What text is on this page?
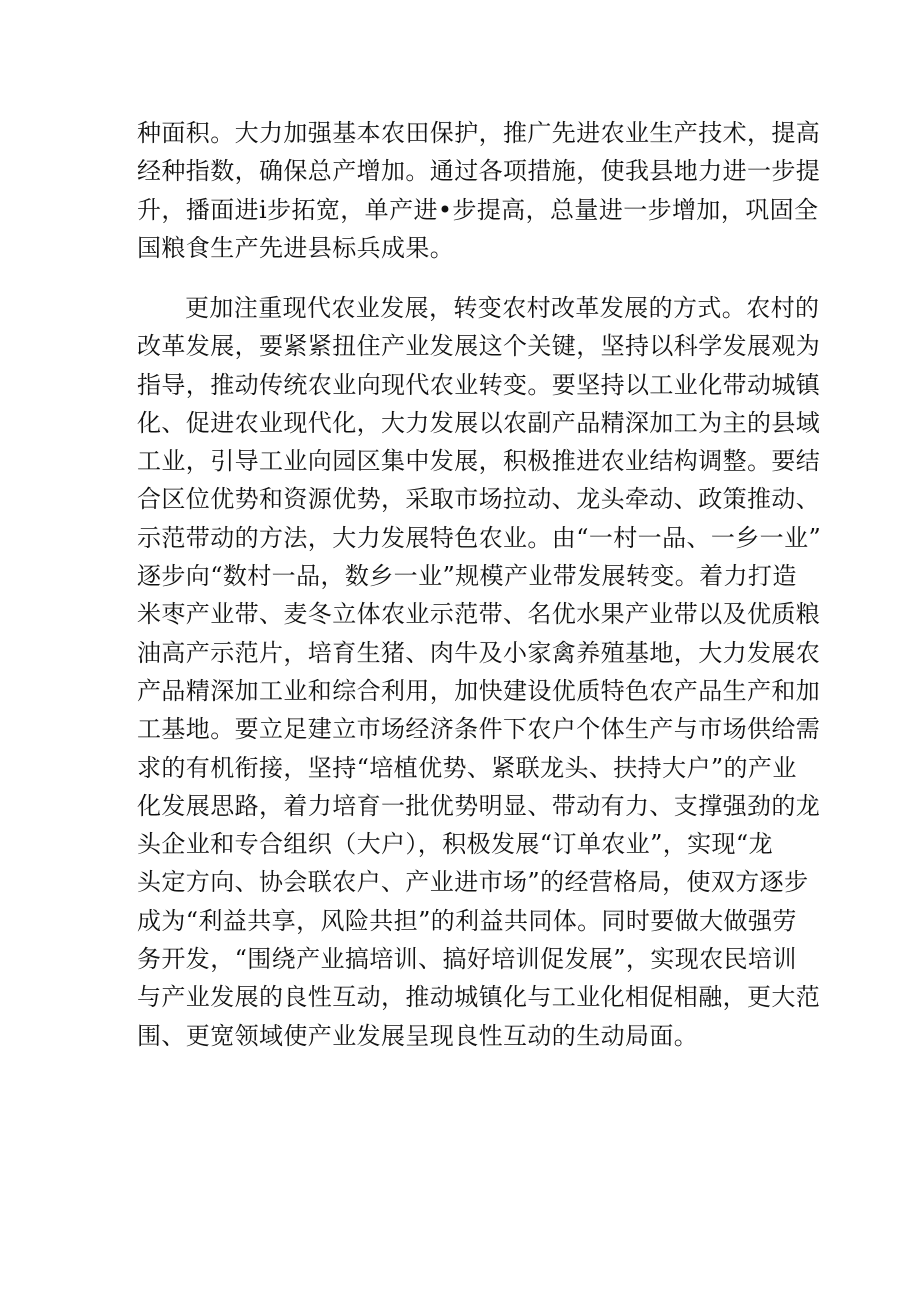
种面积。大力加强基本农田保护，推广先进农业生产技术，提高
经种指数，确保总产增加。通过各项措施，使我县地力进一步提
升，播面进i步拓宽，单产进•步提高，总量进一步增加，巩固全
国粮食生产先进县标兵成果。
更加注重现代农业发展，转变农村改革发展的方式。农村的
改革发展，要紧紧扭住产业发展这个关键，坚持以科学发展观为
指导，推动传统农业向现代农业转变。要坚持以工业化带动城镇
化、促进农业现代化，大力发展以农副产品精深加工为主的县域
工业，引导工业向园区集中发展，积极推进农业结构调整。要结
合区位优势和资源优势，采取市场拉动、龙头牵动、政策推动、
示范带动的方法，大力发展特色农业。由“一村一品、一乡一业”
逐步向“数村一品，数乡一业”规模产业带发展转变。着力打造
米枣产业带、麦冬立体农业示范带、名优水果产业带以及优质粮
油高产示范片，培育生猪、肉牛及小家禽养殖基地，大力发展农
产品精深加工业和综合利用，加快建设优质特色农产品生产和加
工基地。要立足建立市场经济条件下农户个体生产与市场供给需
求的有机衔接，坚持“培植优势、紧联龙头、扶持大户”的产业
化发展思路，着力培育一批优势明显、带动有力、支撑强劲的龙
头企业和专合组织（大户），积极发展“订单农业”，实现“龙
头定方向、协会联农户、产业进市场”的经营格局，使双方逐步
成为“利益共享，风险共担”的利益共同体。同时要做大做强劳
务开发，“围绕产业搞培训、搞好培训促发展”，实现农民培训
与产业发展的良性互动，推动城镇化与工业化相促相融，更大范
围、更宽领域使产业发展呈现良性互动的生动局面。
